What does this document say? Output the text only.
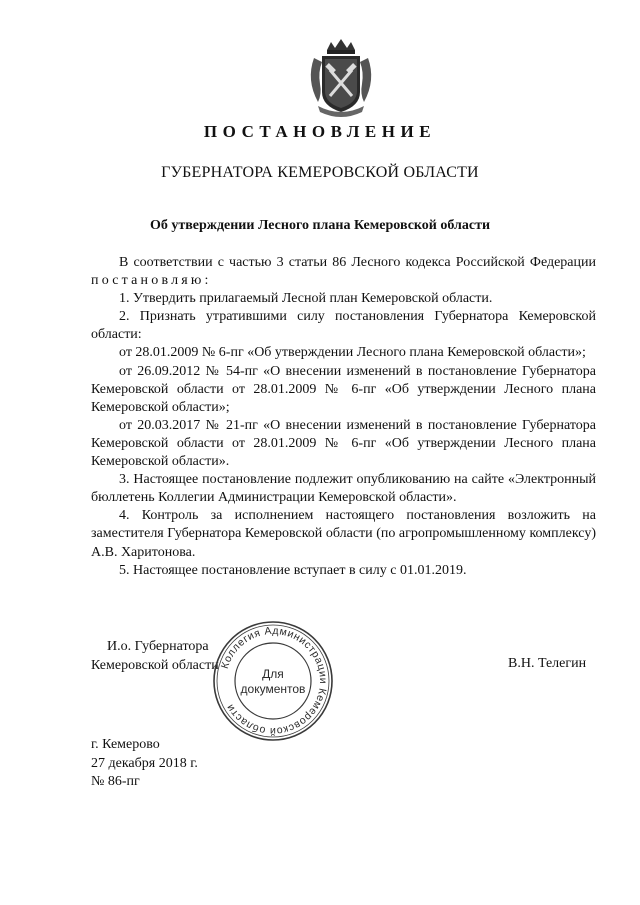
ПОСТАНОВЛЕНИЕ
ГУБЕРНАТОРА КЕМЕРОВСКОЙ ОБЛАСТИ
Об утверждении Лесного плана Кемеровской области

В соответствии с частью 3 статьи 86 Лесного кодекса Российской Федерации постановляю:

1. Утвердить прилагаемый Лесной план Кемеровской области.

2. Признать утратившими силу постановления Губернатора Кемеровской области:

от 28.01.2009 № 6-пг «Об утверждении Лесного плана Кемеровской области»;

от 26.09.2012 № 54-пг «О внесении изменений в постановление Губернатора Кемеровской области от 28.01.2009 № 6-пг «Об утверждении Лесного плана Кемеровской области»;

от 20.03.2017 № 21-пг «О внесении изменений в постановление Губернатора Кемеровской области от 28.01.2009 № 6-пг «Об утверждении Лесного плана Кемеровской области».

3. Настоящее постановление подлежит опубликованию на сайте «Электронный бюллетень Коллегии Администрации Кемеровской области».

4. Контроль за исполнением настоящего постановления возложить на заместителя Губернатора Кемеровской области (по агропромышленному комплексу) А.В. Харитонова.

5. Настоящее постановление вступает в силу с 01.01.2019.

И.о. Губернатора
Кемеровской области	В.Н. Телегин
Коллегия Администрации Кемеровской области
Для
документов
г. Кемерово
27 декабря 2018 г.
№ 86-пг
